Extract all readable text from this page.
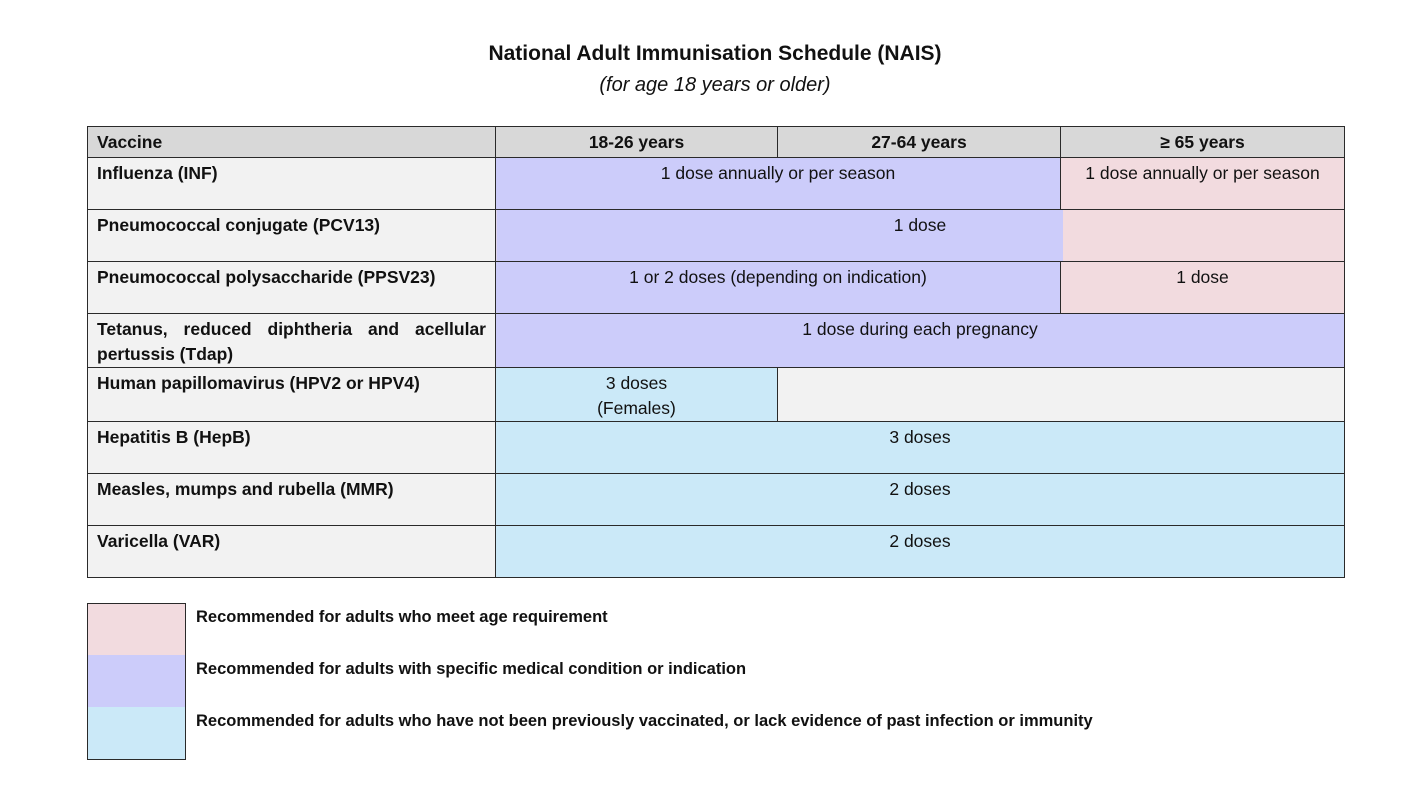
National Adult Immunisation Schedule (NAIS)
(for age 18 years or older)
Vaccine	18-26 years	27-64 years	≥ 65 years
Influenza (INF)	1 dose annually or per season		1 dose annually or per season
Pneumococcal conjugate (PCV13)	1 dose		
Pneumococcal polysaccharide (PPSV23)	1 or 2 doses (depending on indication)		1 dose
Tetanus, reduced diphtheria and acellular pertussis (Tdap)	1 dose during each pregnancy		
Human papillomavirus (HPV2 or HPV4)	3 doses
(Females)		

Hepatitis B (HepB)	3 doses		
Measles, mumps and rubella (MMR)	2 doses		
Varicella (VAR)	2 doses		
Recommended for adults who meet age requirement
Recommended for adults with specific medical condition or indication
Recommended for adults who have not been previously vaccinated, or lack evidence of past infection or immunity
